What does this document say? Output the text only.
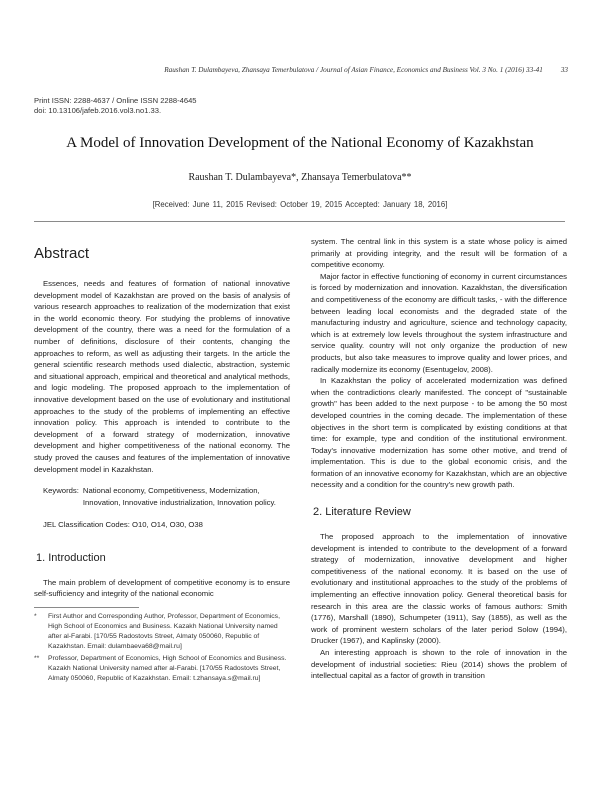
Raushan T. Dulambayeva, Zhansaya Temerbulatova / Journal of Asian Finance, Economics and Business Vol. 3 No. 1 (2016) 33-41	33
Print ISSN: 2288-4637 / Online ISSN 2288-4645
doi: 10.13106/jafeb.2016.vol3.no1.33.
A Model of Innovation Development of the National Economy of Kazakhstan
Raushan T. Dulambayeva*, Zhansaya Temerbulatova**
[Received: June 11, 2015 Revised: October 19, 2015 Accepted: January 18, 2016]
Abstract

Essences, needs and features of formation of national innovative development model of Kazakhstan are proved on the basis of analysis of various research approaches to realization of the modernization that exist in the world economic theory. For studying the problems of innovative development of the country, there was a need for the formulation of a number of definitions, disclosure of their contents, changing the approaches to reform, as well as adjusting their targets. In the article the general scientific research methods used dialectic, abstraction, systemic and situational approach, empirical and theoretical and analytical methods, and logic modeling. The proposed approach to the implementation of innovative development based on the use of evolutionary and institutional approaches to the study of the problems of implementing an effective innovation policy. This approach is intended to contribute to the development of a forward strategy of modernization, innovative development and higher competitiveness of the national economy. The study proved the causes and features of the implementation of innovative development model in Kazakhstan.

Keywords: National economy, Competitiveness, Modernization, Innovation, Innovative industrialization, Innovation policy.
JEL Classification Codes: O10, O14, O30, O38
1. Introduction

The main problem of development of competitive economy is to ensure self-sufficiency and integrity of the national economic

*	First Author and Corresponding Author, Professor, Department of Economics, High School of Economics and Business. Kazakh National University named after al-Farabi. [170/55 Radostovts Street, Almaty 050060, Republic of Kazakhstan. Email: dulambaeva68@mail.ru]
**	Professor, Department of Economics, High School of Economics and Business. Kazakh National University named after al-Farabi. [170/55 Radostovts Street, Almaty 050060, Republic of Kazakhstan. Email: t.zhansaya.s@mail.ru]

system. The central link in this system is a state whose policy is aimed primarily at providing integrity, and the result will be formation of a competitive economy.

Major factor in effective functioning of economy in current circumstances is forced by modernization and innovation. Kazakhstan, the diversification and competitiveness of the economy are difficult tasks, - with the difference between leading local economists and the degraded state of the manufacturing industry and agriculture, science and technology capacity, which is at extremely low levels throughout the system infrastructure and service quality. country will not only organize the production of new products, but also take measures to improve quality and lower prices, and radically modernize its economy (Esentugelov, 2008).

In Kazakhstan the policy of accelerated modernization was defined when the contradictions clearly manifested. The concept of "sustainable growth" has been added to the next purpose - to be among the 50 most developed countries in the coming decade. The implementation of these objectives in the short term is complicated by existing conditions at that time: for example, type and condition of the institutional environment. Today's innovative modernization has some other motive, and trend of implementation. This is due to the global economic crisis, and the formation of an innovative economy for Kazakhstan, which are an objective necessity and a condition for the country's new growth path.

2. Literature Review

The proposed approach to the implementation of innovative development is intended to contribute to the development of a forward strategy of modernization, innovative development and higher competitiveness of the national economy. It is based on the use of evolutionary and institutional approaches to the study of the problems of implementing an effective innovation policy. General theoretical basis for research in this area are the classic works of famous authors: Smith (1776), Marshall (1890), Schumpeter (1911), Say (1855), as well as the work of prominent western scholars of the later period Solow (1994), Drucker (1967), and Kaplinsky (2000).

An interesting approach is shown to the role of innovation in the development of industrial societies: Rieu (2014) shows the problem of intellectual capital as a factor of growth in transition
